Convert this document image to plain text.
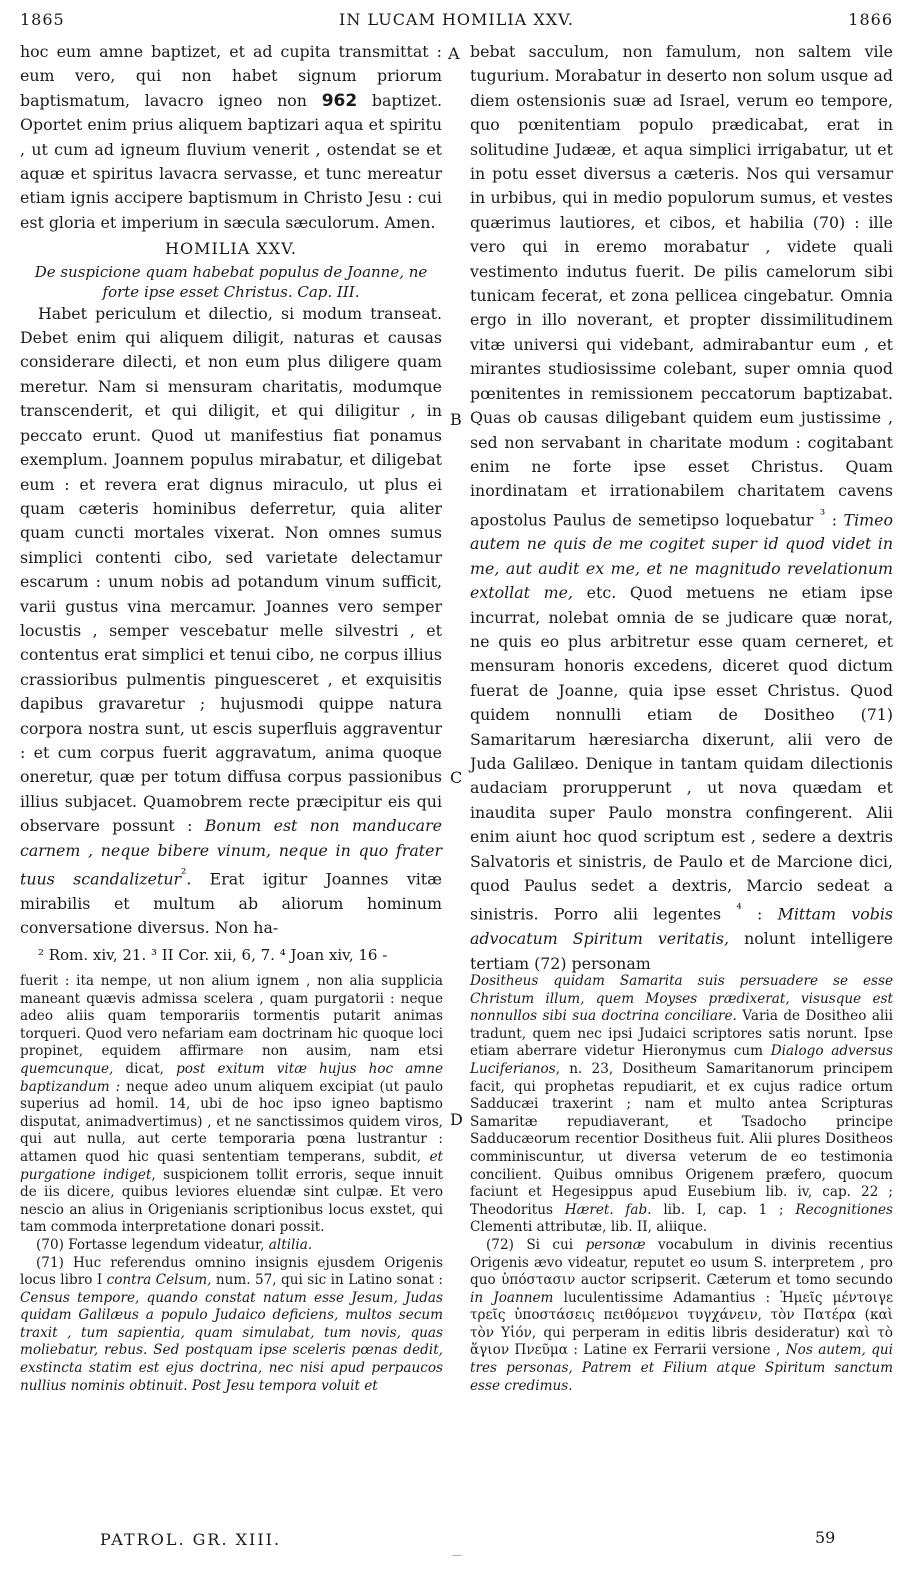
1865	IN LUCAM HOMILIA XXV.	1866
A
B
C
D

hoc eum amne baptizet, et ad cupita transmittat : eum vero, qui non habet signum priorum baptismatum, lavacro igneo non 962 baptizet. Oportet enim prius aliquem baptizari aqua et spiritu , ut cum ad igneum fluvium venerit , ostendat se et aquæ et spiritus lavacra servasse, et tunc mereatur etiam ignis accipere baptismum in Christo Jesu : cui est gloria et imperium in sæcula sæculorum. Amen.

HOMILIA XXV.

De suspicione quam habebat populus de Joanne, ne forte ipse esset Christus. Cap. III.

Habet periculum et dilectio, si modum transeat. Debet enim qui aliquem diligit, naturas et causas considerare dilecti, et non eum plus diligere quam meretur. Nam si mensuram charitatis, modumque transcenderit, et qui diligit, et qui diligitur , in peccato erunt. Quod ut manifestius fiat ponamus exemplum. Joannem populus mirabatur, et diligebat eum : et revera erat dignus miraculo, ut plus ei quam cæteris hominibus deferretur, quia aliter quam cuncti mortales vixerat. Non omnes sumus simplici contenti cibo, sed varietate delectamur escarum : unum nobis ad potandum vinum sufficit, varii gustus vina mercamur. Joannes vero semper locustis , semper vescebatur melle silvestri , et contentus erat simplici et tenui cibo, ne corpus illius crassioribus pulmentis pinguesceret , et exquisitis dapibus gravaretur ; hujusmodi quippe natura corpora nostra sunt, ut escis superfluis aggraventur : et cum corpus fuerit aggravatum, anima quoque oneretur, quæ per totum diffusa corpus passionibus illius subjacet. Quamobrem recte præcipitur eis qui observare possunt : Bonum est non manducare carnem , neque bibere vinum, neque in quo frater tuus scandalizetur$^{^2}$. Erat igitur Joannes vitæ mirabilis et multum ab aliorum hominum conversatione diversus. Non ha-

bebat sacculum, non famulum, non saltem vile tugurium. Morabatur in deserto non solum usque ad diem ostensionis suæ ad Israel, verum eo tempore, quo pœnitentiam populo prædicabat, erat in solitudine Judææ, et aqua simplici irrigabatur, ut et in potu esset diversus a cæteris. Nos qui versamur in urbibus, qui in medio populorum sumus, et vestes quærimus lautiores, et cibos, et habilia (70) : ille vero qui in eremo morabatur , videte quali vestimento indutus fuerit. De pilis camelorum sibi tunicam fecerat, et zona pellicea cingebatur. Omnia ergo in illo noverant, et propter dissimilitudinem vitæ universi qui videbant, admirabantur eum , et mirantes studiosissime colebant, super omnia quod pœnitentes in remissionem peccatorum baptizabat. Quas ob causas diligebant quidem eum justissime , sed non servabant in charitate modum : cogitabant enim ne forte ipse esset Christus. Quam inordinatam et irrationabilem charitatem cavens apostolus Paulus de semetipso loquebatur $^{^3}$ : Timeo autem ne quis de me cogitet super id quod videt in me, aut audit ex me, et ne magnitudo revelationum extollat me, etc. Quod metuens ne etiam ipse incurrat, nolebat omnia de se judicare quæ norat, ne quis eo plus arbitretur esse quam cerneret, et mensuram honoris excedens, diceret quod dictum fuerat de Joanne, quia ipse esset Christus. Quod quidem nonnulli etiam de Dositheo (71) Samaritarum hæresiarcha dixerunt, alii vero de Juda Galilæo. Denique in tantam quidam dilectionis audaciam prorupperunt , ut nova quædam et inaudita super Paulo monstra confingerent. Alii enim aiunt hoc quod scriptum est , sedere a dextris Salvatoris et sinistris, de Paulo et de Marcione dici, quod Paulus sedet a dextris, Marcio sedeat a sinistris. Porro alii legentes $^{^4}$ : Mittam vobis advocatum Spiritum veritatis, nolunt intelligere tertiam (72) personam

² Rom. xiv, 21. ³ II Cor. xii, 6, 7. ⁴ Joan xiv, 16 -

fuerit : ita nempe, ut non alium ignem , non alia supplicia maneant quævis admissa scelera , quam purgatorii : neque adeo aliis quam temporariis tormentis putarit animas torqueri. Quod vero nefariam eam doctrinam hic quoque loci propinet, equidem affirmare non ausim, nam etsi quemcunque, dicat, post exitum vitæ hujus hoc amne baptizandum : neque adeo unum aliquem excipiat (ut paulo superius ad homil. 14, ubi de hoc ipso igneo baptismo disputat, animadvertimus) , et ne sanctissimos quidem viros, qui aut nulla, aut certe temporaria pœna lustrantur : attamen quod hic quasi sententiam temperans, subdit, et purgatione indiget, suspicionem tollit erroris, seque innuit de iis dicere, quibus leviores eluendæ sint culpæ. Et vero nescio an alius in Origenianis scriptionibus locus exstet, qui tam commoda interpretatione donari possit.

(70) Fortasse legendum videatur, altilia.

(71) Huc referendus omnino insignis ejusdem Origenis locus libro I contra Celsum, num. 57, qui sic in Latino sonat : Census tempore, quando constat natum esse Jesum, Judas quidam Galilæus a populo Judaico deficiens, multos secum traxit , tum sapientia, quam simulabat, tum novis, quas moliebatur, rebus. Sed postquam ipse sceleris pœnas dedit, exstincta statim est ejus doctrina, nec nisi apud perpaucos nullius nominis obtinuit. Post Jesu tempora voluit et

Dositheus quidam Samarita suis persuadere se esse Christum illum, quem Moyses prædixerat, visusque est nonnullos sibi sua doctrina conciliare. Varia de Dositheo alii tradunt, quem nec ipsi Judaici scriptores satis norunt. Ipse etiam aberrare videtur Hieronymus cum Dialogo adversus Luciferianos, n. 23, Dositheum Samaritanorum principem facit, qui prophetas repudiarit, et ex cujus radice ortum Sadducæi traxerint ; nam et multo antea Scripturas Samaritæ repudiaverant, et Tsadocho principe Sadducæorum recentior Dositheus fuit. Alii plures Dositheos comminiscuntur, ut diversa veterum de eo testimonia concilient. Quibus omnibus Origenem præfero, quocum faciunt et Hegesippus apud Eusebium lib. iv, cap. 22 ; Theodoritus Hæret. fab. lib. I, cap. 1 ; Recognitiones Clementi attributæ, lib. II, aliique.

(72) Si cui personæ vocabulum in divinis recentius Origenis ævo videatur, reputet eo usum S. interpretem , pro quo ὑπόστασιν auctor scripserit. Cæterum et tomo secundo in Joannem luculentissime Adamantius : Ἡμεῖς μέντοιγε τρεῖς ὑποστάσεις πειθόμενοι τυγχάνειν, τὸν Πατέρα (καὶ τὸν Υἱόν, qui perperam in editis libris desideratur) καὶ τὸ ἅγιον Πνεῦμα : Latine ex Ferrarii versione , Nos autem, qui tres personas, Patrem et Filium atque Spiritum sanctum esse credimus.

PATROL. GR. XIII.	59
—
